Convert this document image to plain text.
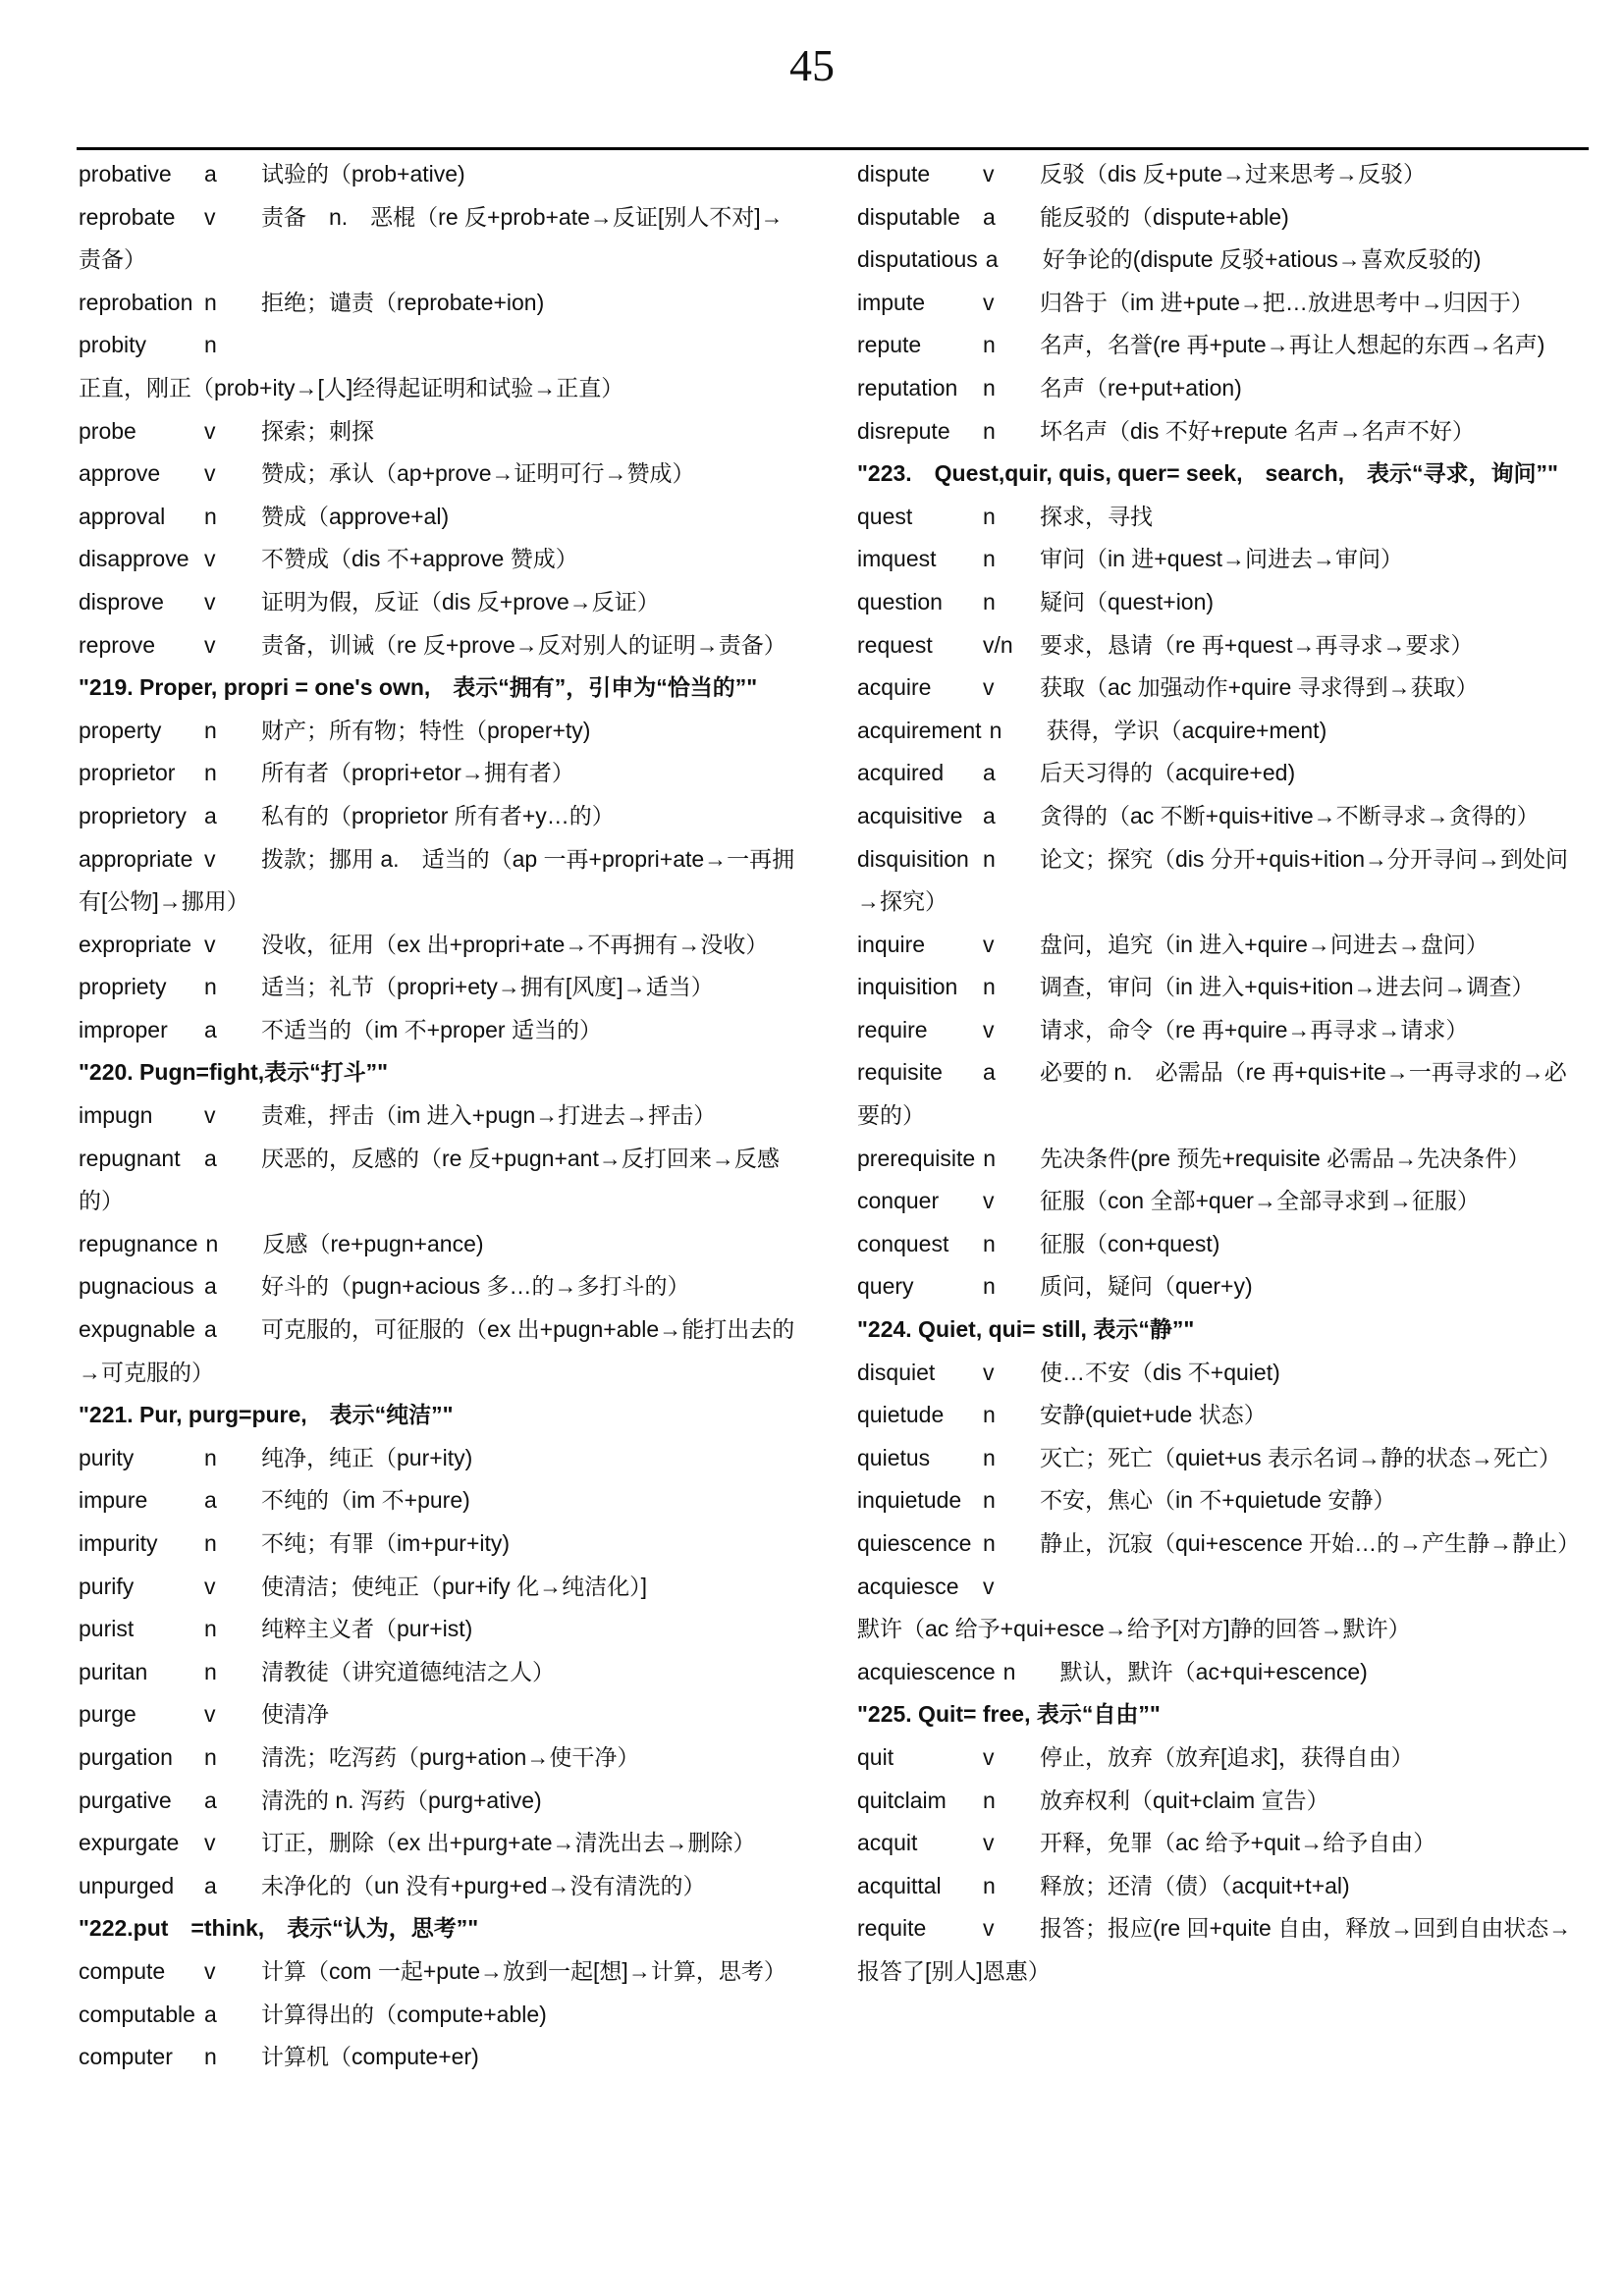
45
probative a 试验的（prob+ative)
reprobate v 责备　n.　恶棍（re 反+prob+ate→反证[别人不对]→责备）
reprobation n 拒绝；谴责（reprobate+ion)
probity	n正直，刚正（prob+ity→[人]经得起证明和试验→正直）
probe	v 探索；刺探
approve v 赞成；承认（ap+prove→证明可行→赞成）
approval n 赞成（approve+al)
disapprove v 不赞成（dis 不+approve 赞成）
disprove v 证明为假，反证（dis 反+prove→反证）
reprove v 责备，训诫（re 反+prove→反对别人的证明→责备）
"219. Proper, propri = one's own,　表示“拥有”，引申为“恰当的”"
property n 财产；所有物；特性（proper+ty)
proprietor n 所有者（propri+etor→拥有者）
proprietory a 私有的（proprietor 所有者+y…的）
appropriate v 拨款；挪用 a.　适当的（ap 一再+propri+ate→一再拥有[公物]→挪用）
expropriate v 没收，征用（ex 出+propri+ate→不再拥有→没收）
propriety n 适当；礼节（propri+ety→拥有[风度]→适当）
improper a 不适当的（im 不+proper 适当的）
"220. Pugn=fight,表示“打斗”"
impugn v 责难，抨击（im 进入+pugn→打进去→抨击）
repugnant a 厌恶的，反感的（re 反+pugn+ant→反打回来→反感的）
repugnance n 反感（re+pugn+ance)
pugnacious a 好斗的（pugn+acious 多…的→多打斗的）
expugnable a 可克服的，可征服的（ex 出+pugn+able→能打出去的→可克服的）
"221. Pur, purg=pure,　表示“纯洁”"
purity	n 纯净，纯正（pur+ity)
impure	a 不纯的（im 不+pure)
impurity n 不纯；有罪（im+pur+ity)
purify	v 使清洁；使纯正（pur+ify 化→纯洁化）]
purist	n 纯粹主义者（pur+ist)
puritan	n 清教徒（讲究道德纯洁之人）
purge	v 使清净
purgation n 清洗；吃泻药（purg+ation→使干净）
purgative a 清洗的 n. 泻药（purg+ative)
expurgate v 订正，删除（ex 出+purg+ate→清洗出去→删除）
unpurged a 未净化的（un 没有+purg+ed→没有清洗的）
"222.put　=think,　表示“认为，思考”"
compute v 计算（com 一起+pute→放到一起[想]→计算，思考）
computable a 计算得出的（compute+able)
computer n 计算机（compute+er)
dispute v 反驳（dis 反+pute→过来思考→反驳）
disputable a 能反驳的（dispute+able)
disputatious a 好争论的(dispute 反驳+atious→喜欢反驳的)
impute	v 归咎于（im 进+pute→把…放进思考中→归因于）
repute	n 名声，名誉(re 再+pute→再让人想起的东西→名声)
reputation n 名声（re+put+ation)
disrepute n 坏名声（dis 不好+repute 名声→名声不好）
"223.　Quest,quir, quis, quer= seek,　search,　表示“寻求，询问”"
quest	n 探求，寻找
imquest n 审问（in 进+quest→问进去→审问）
question n 疑问（quest+ion)
request v/n 要求，恳请（re 再+quest→再寻求→要求）
acquire v 获取（ac 加强动作+quire 寻求得到→获取）
acquirement n 获得，学识（acquire+ment)
acquired a 后天习得的（acquire+ed)
acquisitive a 贪得的（ac 不断+quis+itive→不断寻求→贪得的）
disquisition n 论文；探究（dis 分开+quis+ition→分开寻问→到处问→探究）
inquire	v 盘问，追究（in 进入+quire→问进去→盘问）
inquisition n 调查，审问（in 进入+quis+ition→进去问→调查）
require v 请求，命令（re 再+quire→再寻求→请求）
requisite a 必要的 n.　必需品（re 再+quis+ite→一再寻求的→必要的）
prerequisite n 先决条件(pre 预先+requisite 必需品→先决条件）
conquer v 征服（con 全部+quer→全部寻求到→征服）
conquest n 征服（con+quest)
query	n 质问，疑问（quer+y)
"224. Quiet, qui= still, 表示“静”"
disquiet v 使…不安（dis 不+quiet)
quietude n 安静(quiet+ude 状态）
quietus n 灭亡；死亡（quiet+us 表示名词→静的状态→死亡）
inquietude n 不安，焦心（in 不+quietude 安静）
quiescence n 静止，沉寂（qui+escence 开始…的→产生静→静止）
acquiesce v默许（ac 给予+qui+esce→给予[对方]静的回答→默许）
acquiescence n 默认，默许（ac+qui+escence)
"225. Quit= free, 表示“自由”"
quit	v 停止，放弃（放弃[追求]，获得自由）
quitclaim n 放弃权利（quit+claim 宣告）
acquit	v 开释，免罪（ac 给予+quit→给予自由）
acquittal n 释放；还清（债）（acquit+t+al)
requite	v 报答；报应(re 回+quite 自由，释放→回到自由状态→报答了[别人]恩惠）
